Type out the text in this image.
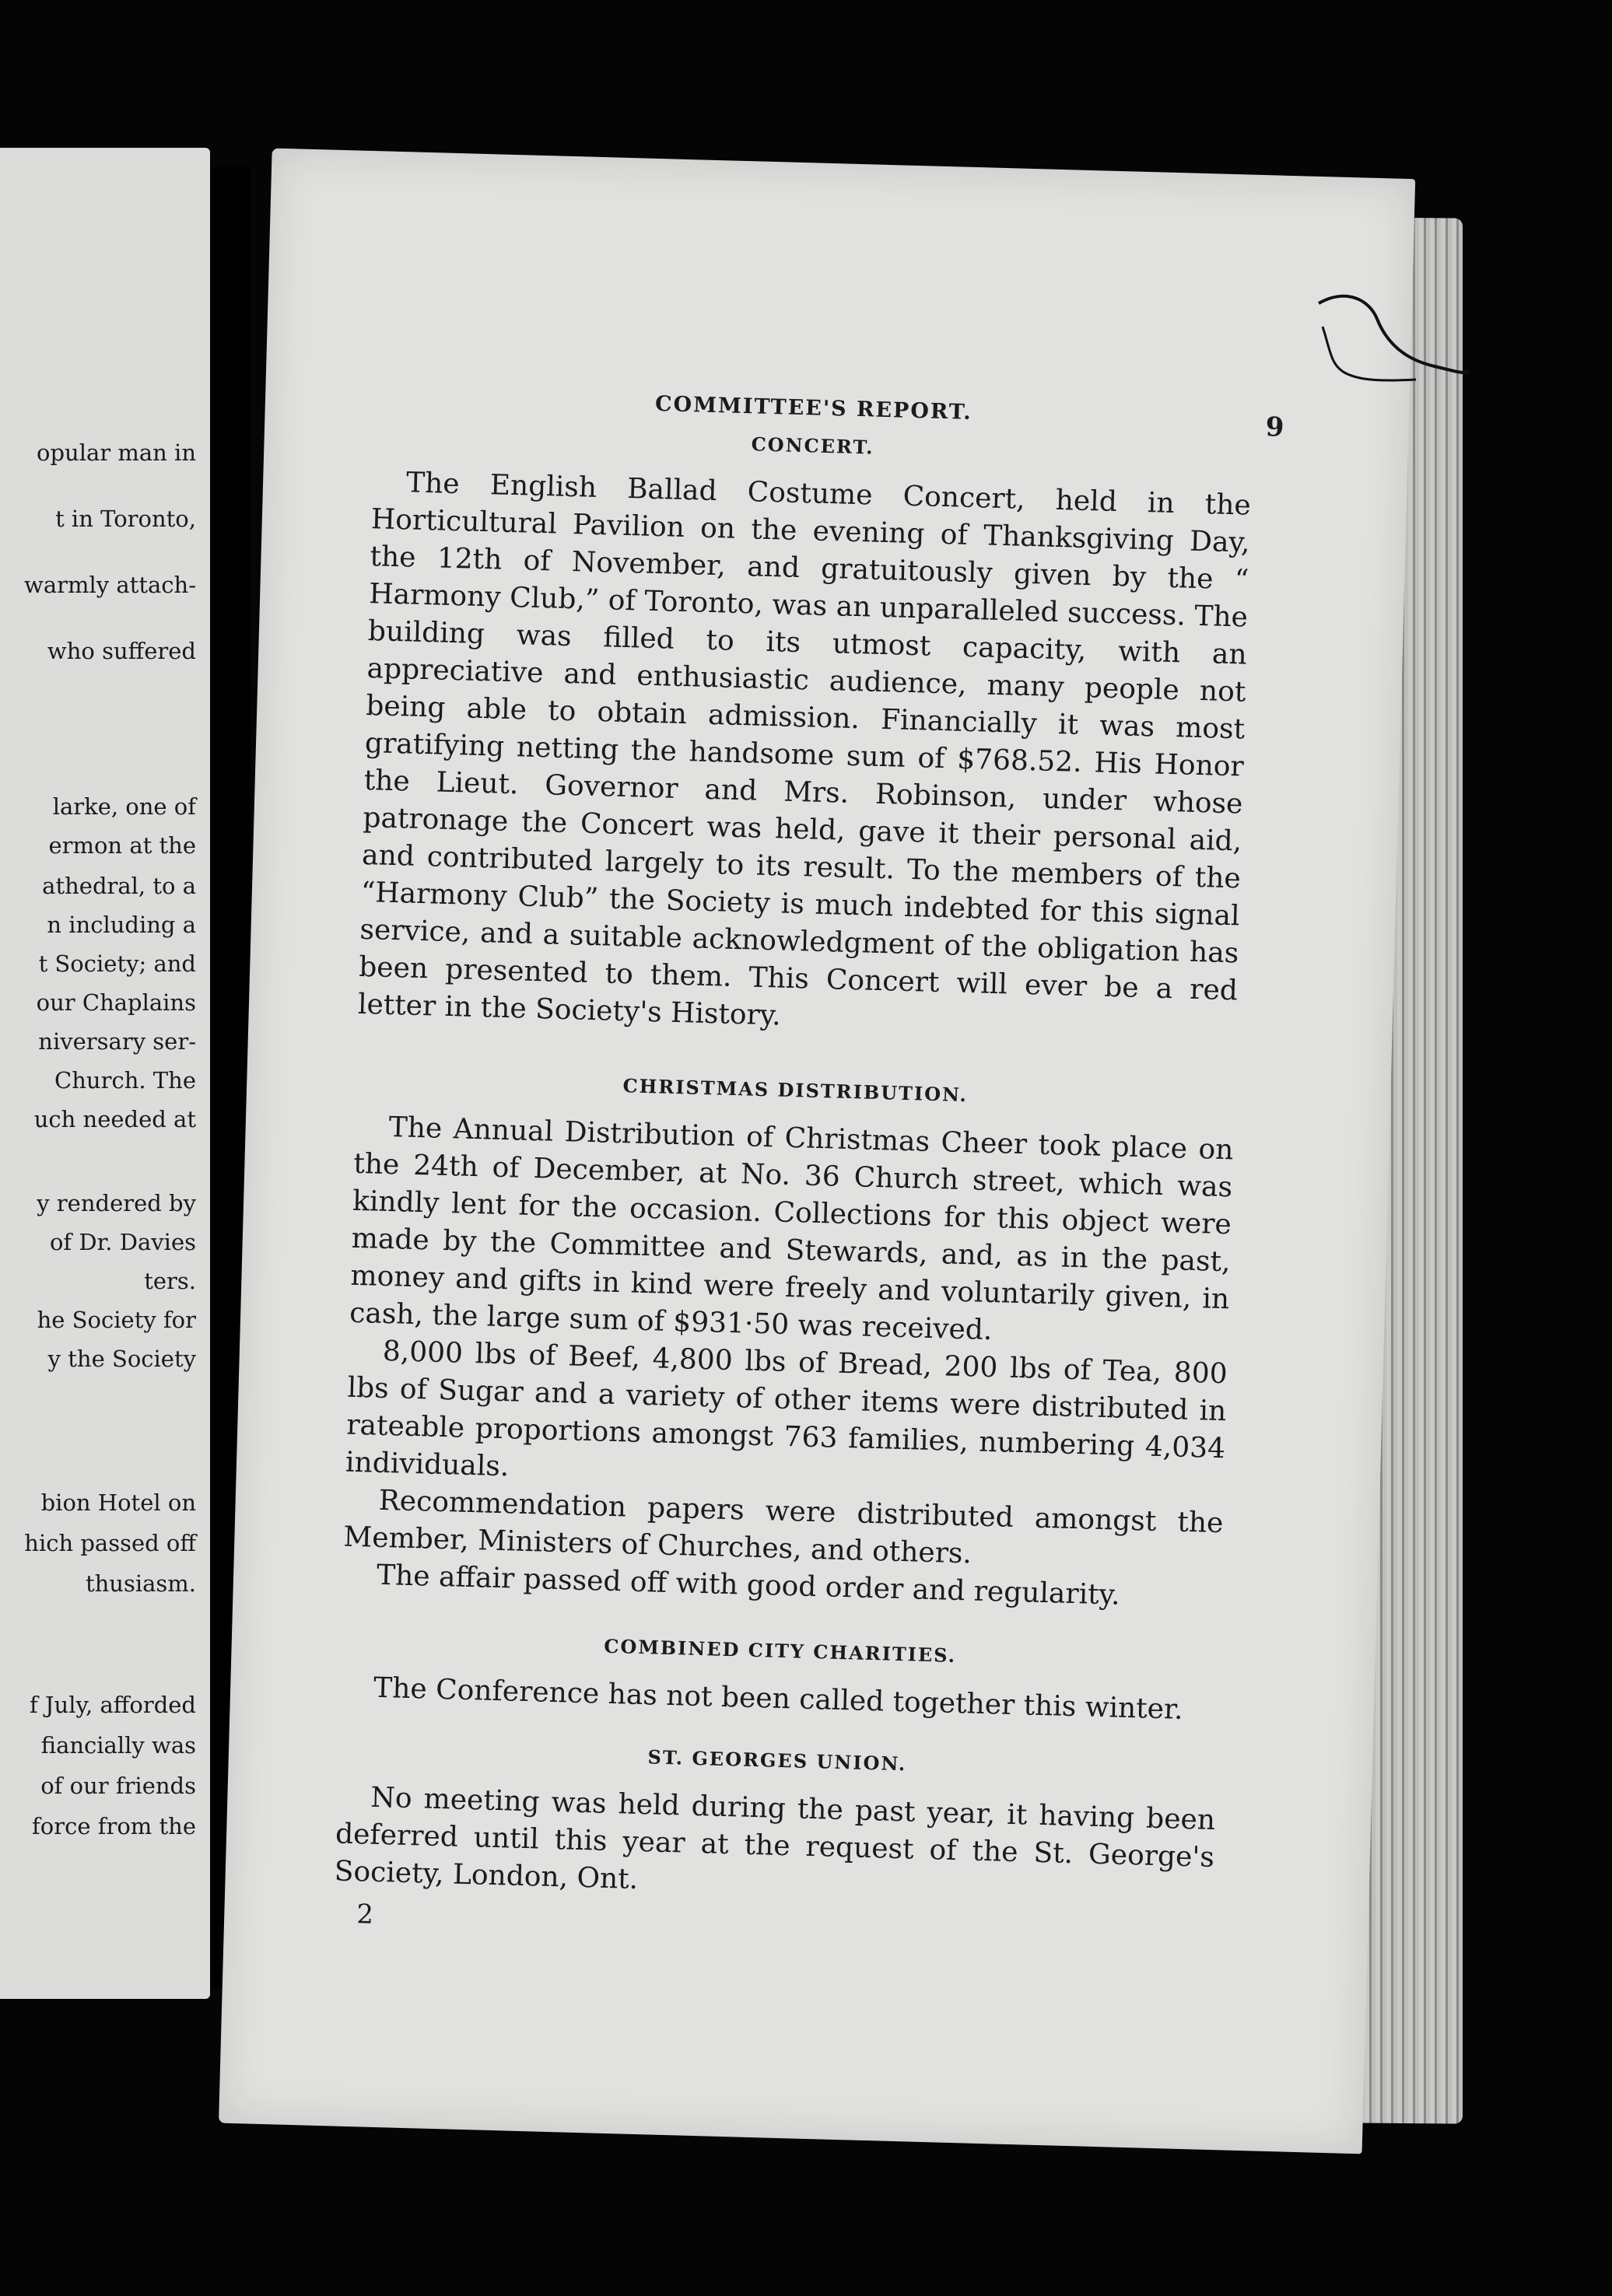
opular man in
t in Toronto,
warmly attach-
who suffered
larke, one of
ermon at the
athedral, to a
n including a
t Society; and
our Chaplains
niversary ser-
Church. The
uch needed at
y rendered by
of Dr. Davies
ters.
he Society for
y the Society
bion Hotel on
hich passed off
thusiasm.
f July, afforded
fiancially was
of our friends
force from the
COMMITTEE'S REPORT.
9
CONCERT.

The English Ballad Costume Concert, held in the Horticultural Pavilion on the evening of Thanksgiving Day, the 12th of November, and gratuitously given by the “ Harmony Club,” of Toronto, was an unparalleled success. The building was filled to its utmost capacity, with an appreciative and enthusiastic audience, many people not being able to obtain admission. Financially it was most gratifying netting the handsome sum of $768.52. His Honor the Lieut. Governor and Mrs. Robinson, under whose patronage the Concert was held, gave it their personal aid, and contributed largely to its result. To the members of the “Harmony Club” the Society is much indebted for this signal service, and a suitable acknowledgment of the obligation has been presented to them. This Concert will ever be a red letter in the Society's History.

CHRISTMAS DISTRIBUTION.

The Annual Distribution of Christmas Cheer took place on the 24th of December, at No. 36 Church street, which was kindly lent for the occasion. Collections for this object were made by the Committee and Stewards, and, as in the past, money and gifts in kind were freely and voluntarily given, in cash, the large sum of $931·50 was received.

8,000 lbs of Beef, 4,800 lbs of Bread, 200 lbs of Tea, 800 lbs of Sugar and a variety of other items were distributed in rateable proportions amongst 763 families, numbering 4,034 individuals.

Recommendation papers were distributed amongst the Member, Ministers of Churches, and others.

The affair passed off with good order and regularity.

COMBINED CITY CHARITIES.

The Conference has not been called together this winter.

ST. GEORGES UNION.

No meeting was held during the past year, it having been deferred until this year at the request of the St. George's Society, London, Ont.

2
